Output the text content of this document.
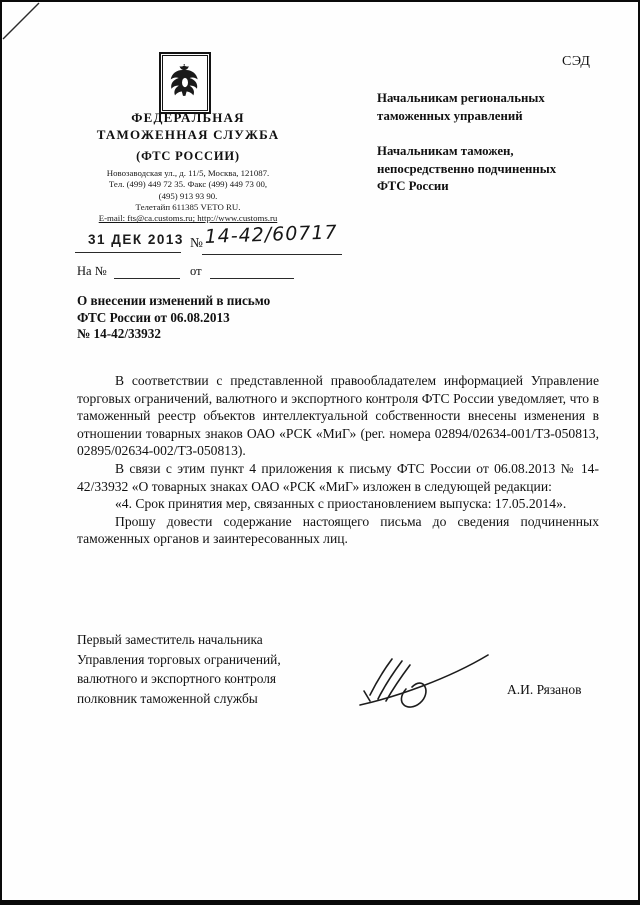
СЭД
ФЕДЕРАЛЬНАЯ
ТАМОЖЕННАЯ СЛУЖБА
(ФТС РОССИИ)
Новозаводская ул., д. 11/5, Москва, 121087.
Тел. (499) 449 72 35. Факс (499) 449 73 00,
(495) 913 93 90.
Телетайп 611385 VETO RU.
E-mail: fts@ca.customs.ru; http://www.customs.ru
31 ДЕК 2013 № 14-42/60717
На №	от
Начальникам региональных
таможенных управлений
Начальникам таможен,
непосредственно подчиненных
ФТС России
О внесении изменений в письмо
ФТС России от 06.08.2013
№ 14-42/33932

В соответствии с представленной правообладателем информацией Управление торговых ограничений, валютного и экспортного контроля ФТС России уведомляет, что в таможенный реестр объектов интеллектуальной собственности внесены изменения в отношении товарных знаков ОАО «РСК «МиГ» (рег. номера 02894/02634-001/ТЗ-050813, 02895/02634-002/ТЗ-050813).

В связи с этим пункт 4 приложения к письму ФТС России от 06.08.2013 № 14-42/33932 «О товарных знаках ОАО «РСК «МиГ» изложен в следующей редакции:

«4. Срок принятия мер, связанных с приостановлением выпуска: 17.05.2014».

Прошу довести содержание настоящего письма до сведения подчиненных таможенных органов и заинтересованных лиц.

Первый заместитель начальника
Управления торговых ограничений,
валютного и экспортного контроля
полковник таможенной службы
А.И. Рязанов
